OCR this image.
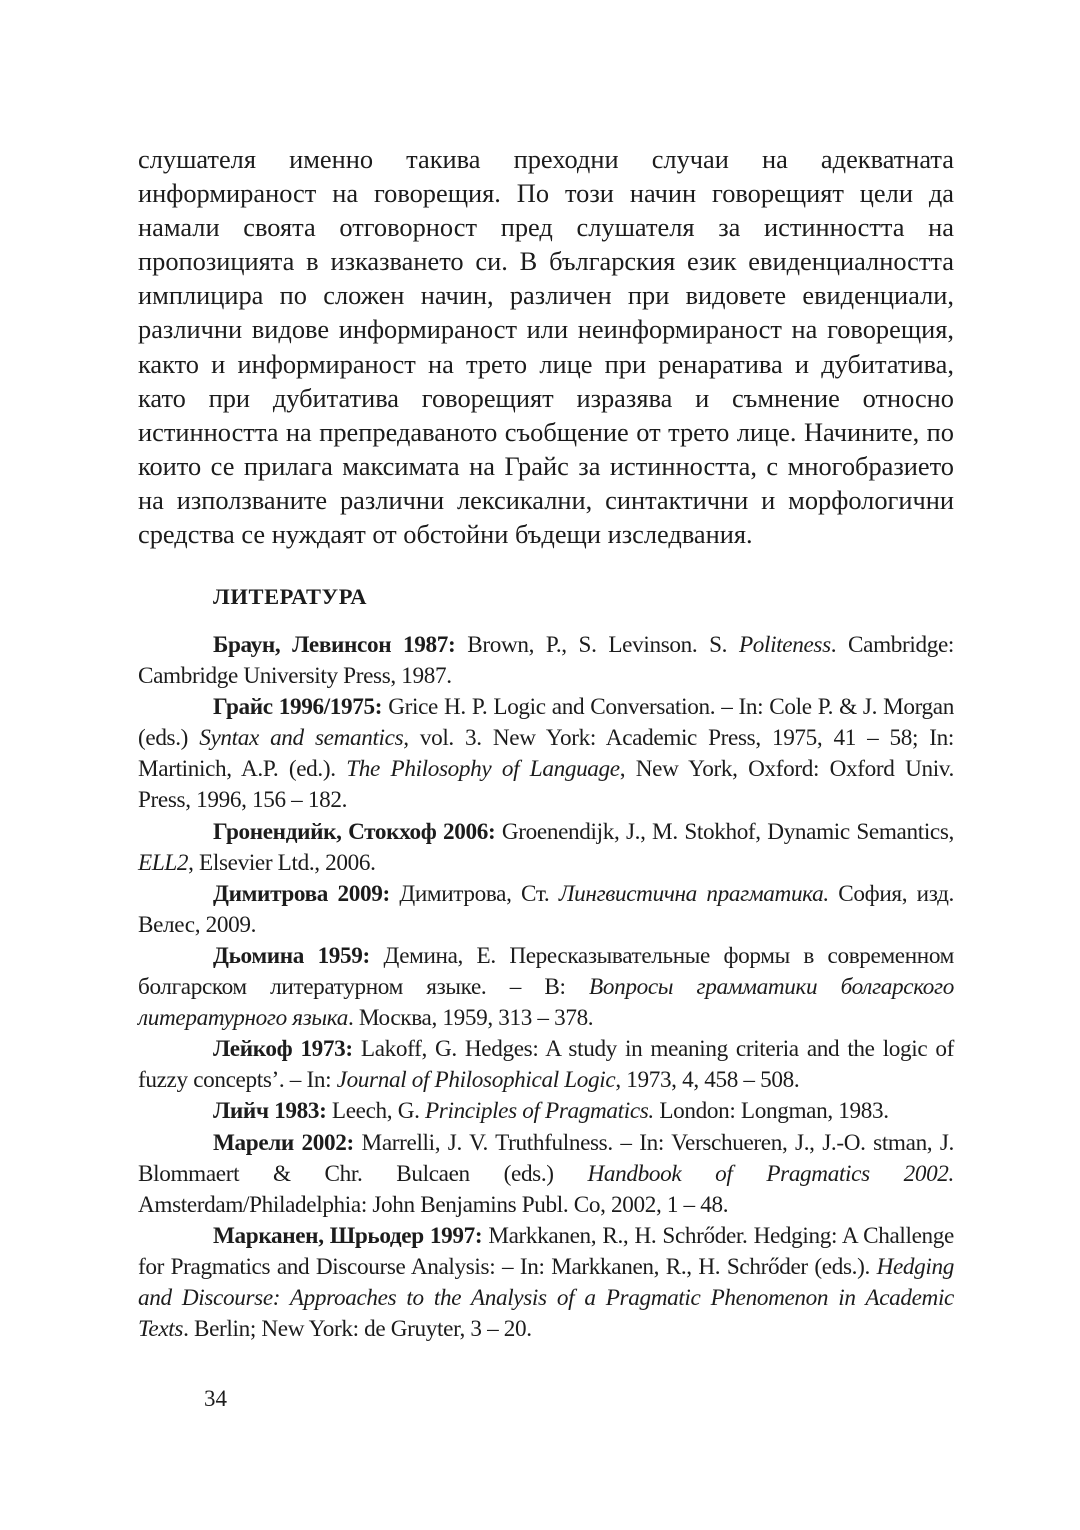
слушателя именно такива преходни случаи на адекватната информираност на говорещия. По този начин говорещият цели да намали своята отговорност пред слушателя за истинността на пропозицията в изказването си. В българския език евиденциалността имплицира по сложен начин, различен при видовете евиденциали, различни видове информираност или неинформираност на говорещия, както и информираност на трето лице при ренаратива и дубитатива, като при дубитатива говорещият изразява и съмнение относно истинността на препредаваното съобщение от трето лице. Начините, по които се прилага максимата на Грайс за истинността, с многобразието на използваните различни лексикални, синтактични и морфологични средства се нуждаят от обстойни бъдещи изследвания.

ЛИТЕРАТУРА

Браун, Левинсон 1987: Brown, P., S. Levinson. S. Politeness. Cambridge: Cambridge University Press, 1987.

Грайс 1996/1975: Grice H. P. Logic and Conversation. – In: Cole P. & J. Morgan (eds.) Syntax and semantics, vol. 3. New York: Academic Press, 1975, 41 – 58; In: Martinich, A.P. (ed.). The Philosophy of Language, New York, Oxford: Oxford Univ. Press, 1996, 156 – 182.

Гронендийк, Стокхоф 2006: Groenendijk, J., M. Stokhof, Dynamic Semantics, ELL2, Elsevier Ltd., 2006.

Димитрова 2009: Димитрова, Ст. Лингвистична прагматика. София, изд. Велес, 2009.

Дьомина 1959: Демина, Е. Пересказывательные формы в современном болгарском литературном языке. – В: Вопросы грамматики болгарского литературного языка. Москва, 1959, 313 – 378.

Лейкоф 1973: Lakoff, G. Hedges: A study in meaning criteria and the logic of fuzzy concepts’. – In: Journal of Philosophical Logic, 1973, 4, 458 – 508.

Лийч 1983: Leech, G. Principles of Pragmatics. London: Longman, 1983.

Марели 2002: Marrelli, J. V. Truthfulness. – In: Verschueren, J., J.-O. stman, J. Blommaert & Chr. Bulcaen (eds.) Handbook of Pragmatics 2002. Amsterdam/Philadelphia: John Benjamins Publ. Co, 2002, 1 – 48.

Марканен, Шрьодер 1997: Markkanen, R., H. Schrőder. Hedging: A Challenge for Pragmatics and Discourse Analysis: – In: Markkanen, R., H. Schrőder (eds.). Hedging and Discourse: Approaches to the Analysis of a Pragmatic Phenomenon in Academic Texts. Berlin; New York: de Gruyter, 3 – 20.

34
